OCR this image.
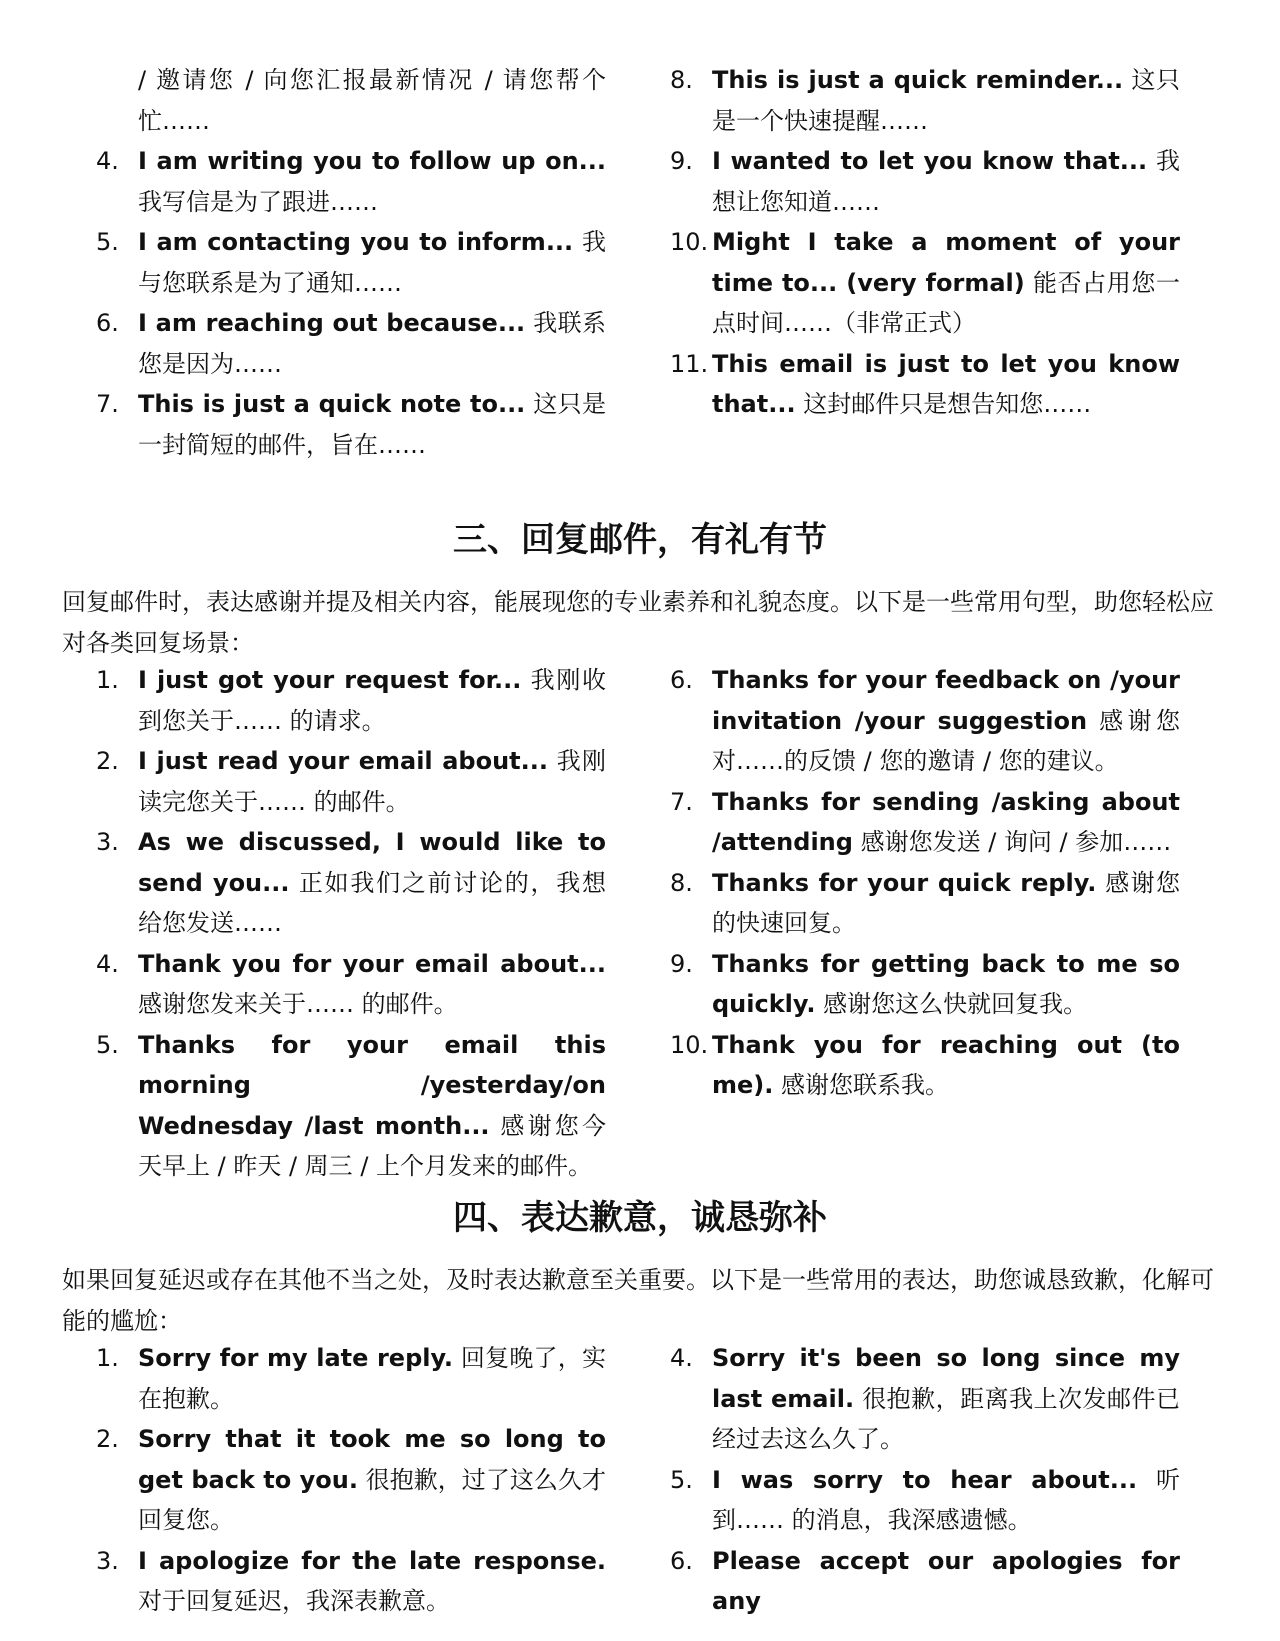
/ 邀请您 / 向您汇报最新情况 / 请您帮个忙……

4. I am writing you to follow up on... 我写信是为了跟进……

5. I am contacting you to inform... 我与您联系是为了通知……

6. I am reaching out because... 我联系您是因为……

7. This is just a quick note to... 这只是一封简短的邮件，旨在……

8. This is just a quick reminder... 这只是一个快速提醒……

9. I wanted to let you know that... 我想让您知道……

10. Might I take a moment of your time to... (very formal) 能否占用您一点时间……（非常正式）

11. This email is just to let you know that... 这封邮件只是想告知您……

三、回复邮件，有礼有节

回复邮件时，表达感谢并提及相关内容，能展现您的专业素养和礼貌态度。以下是一些常用句型，助您轻松应对各类回复场景：

1. I just got your request for... 我刚收到您关于…… 的请求。

2. I just read your email about... 我刚读完您关于…… 的邮件。

3. As we discussed, I would like to send you... 正如我们之前讨论的，我想给您发送……

4. Thank you for your email about... 感谢您发来关于…… 的邮件。

5. Thanks for your email this morning /yesterday/on Wednesday /last month... 感谢您今天早上 / 昨天 / 周三 / 上个月发来的邮件。

6. Thanks for your feedback on /your invitation /your suggestion 感谢您对……的反馈 / 您的邀请 / 您的建议。

7. Thanks for sending /asking about /attending 感谢您发送 / 询问 / 参加……

8. Thanks for your quick reply. 感谢您的快速回复。

9. Thanks for getting back to me so quickly. 感谢您这么快就回复我。

10. Thank you for reaching out (to me). 感谢您联系我。

四、表达歉意，诚恳弥补

如果回复延迟或存在其他不当之处，及时表达歉意至关重要。以下是一些常用的表达，助您诚恳致歉，化解可能的尴尬：

1. Sorry for my late reply. 回复晚了，实在抱歉。

2. Sorry that it took me so long to get back to you. 很抱歉，过了这么久才回复您。

3. I apologize for the late response. 对于回复延迟，我深表歉意。

4. Sorry it's been so long since my last email. 很抱歉，距离我上次发邮件已经过去这么久了。

5. I was sorry to hear about... 听到…… 的消息，我深感遗憾。

6. Please accept our apologies for any
